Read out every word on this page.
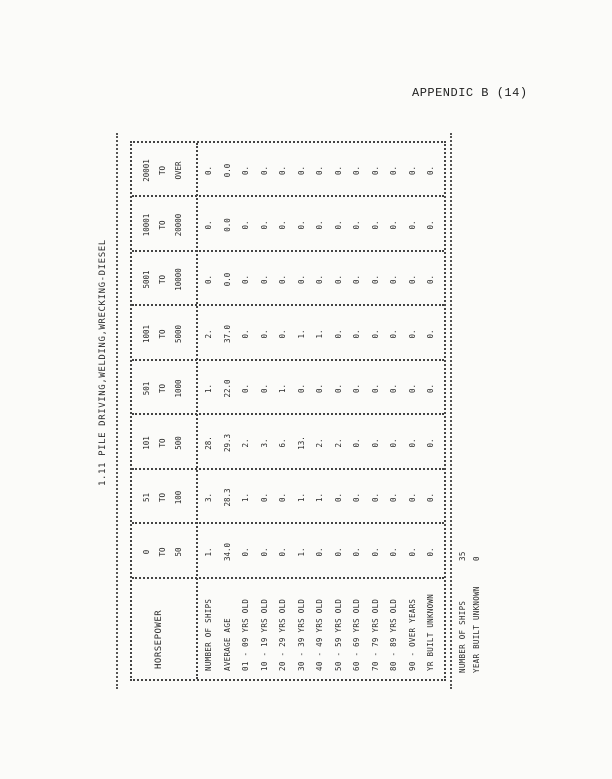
APPENDIC B (14)
1.11 PILE DRIVING,WELDING,WRECKING-DIESEL
HORSEPOWER
0 TO 50
51 TO 100
101 TO 500
501 TO 1000
1001 TO 5000
5001 TO 10000
10001 TO 20000
20001 TO OVER
NUMBER OF SHIPS
1.
3.
28.
1.
2.
0.
0.
0.
AVERAGE AGE
34.0
28.3
29.3
22.0
37.0
0.0
0.0
0.0
01 - 09 YRS OLD
0.
1.
2.
0.
0.
0.
0.
0.
10 - 19 YRS OLD
0.
0.
3.
0.
0.
0.
0.
0.
20 - 29 YRS OLD
0.
0.
6.
1.
0.
0.
0.
0.
30 - 39 YRS OLD
1.
1.
13.
0.
1.
0.
0.
0.
40 - 49 YRS OLD
0.
1.
2.
0.
1.
0.
0.
0.
50 - 59 YRS OLD
0.
0.
2.
0.
0.
0.
0.
0.
60 - 69 YRS OLD
0.
0.
0.
0.
0.
0.
0.
0.
70 - 79 YRS OLD
0.
0.
0.
0.
0.
0.
0.
0.
80 - 89 YRS OLD
0.
0.
0.
0.
0.
0.
0.
0.
90 - OVER YEARS
0.
0.
0.
0.
0.
0.
0.
0.
YR BUILT UNKNOWN
0.
0.
0.
0.
0.
0.
0.
0.
NUMBER OF SHIPS
35
YEAR BUILT UNKNOWN
0
